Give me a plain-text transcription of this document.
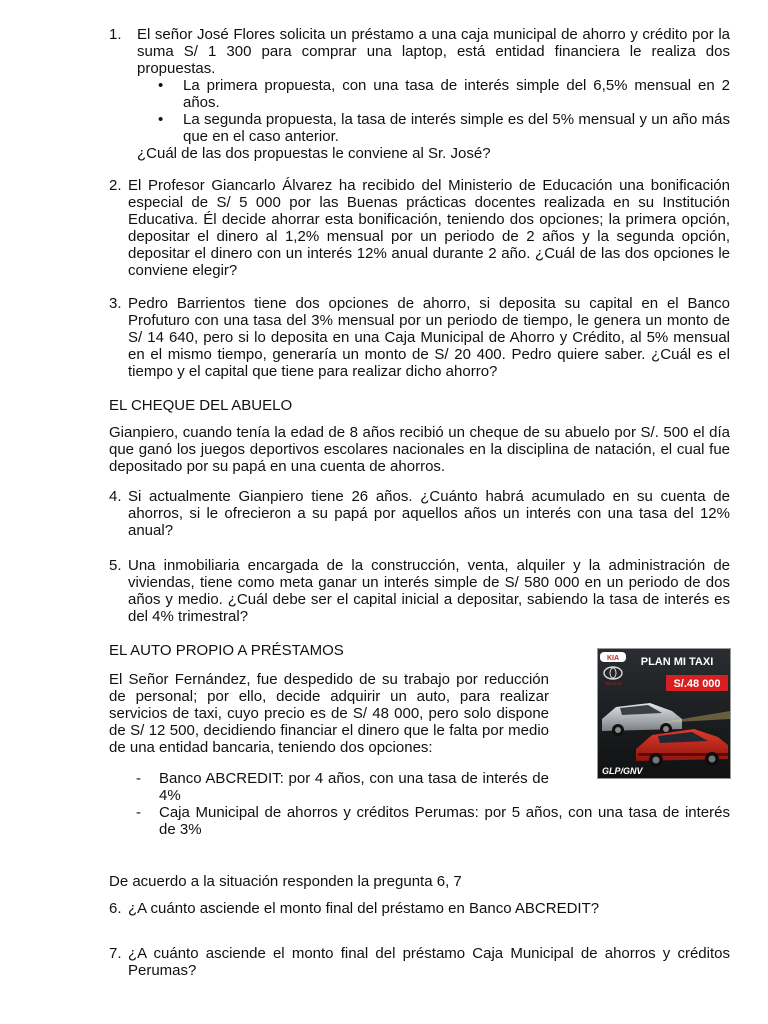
1. El señor José Flores solicita un préstamo a una caja municipal de ahorro y crédito por la suma S/ 1 300 para comprar una laptop, está entidad financiera le realiza dos propuestas.
• La primera propuesta, con una tasa de interés simple del 6,5% mensual en 2 años.
• La segunda propuesta, la tasa de interés simple es del 5% mensual y un año más que en el caso anterior.
¿Cuál de las dos propuestas le conviene al Sr. José?
2. El Profesor Giancarlo Álvarez ha recibido del Ministerio de Educación una bonificación especial de S/ 5 000 por las Buenas prácticas docentes realizada en su Institución Educativa. Él decide ahorrar esta bonificación, teniendo dos opciones; la primera opción, depositar el dinero al 1,2% mensual por un periodo de 2 años y la segunda opción, depositar el dinero con un interés 12% anual durante 2 año. ¿Cuál de las dos opciones le conviene elegir?
3. Pedro Barrientos tiene dos opciones de ahorro, si deposita su capital en el Banco Profuturo con una tasa del 3% mensual por un periodo de tiempo, le genera un monto de S/ 14 640, pero si lo deposita en una Caja Municipal de Ahorro y Crédito, al 5% mensual en el mismo tiempo, generaría un monto de S/ 20 400. Pedro quiere saber. ¿Cuál es el tiempo y el capital que tiene para realizar dicho ahorro?
EL CHEQUE DEL ABUELO
Gianpiero, cuando tenía la edad de 8 años recibió un cheque de su abuelo por S/. 500 el día que ganó los juegos deportivos escolares nacionales en la disciplina de natación, el cual fue depositado por su papá en una cuenta de ahorros.
4. Si actualmente Gianpiero tiene 26 años. ¿Cuánto habrá acumulado en su cuenta de ahorros, si le ofrecieron a su papá por aquellos años un interés con una tasa del 12% anual?
5. Una inmobiliaria encargada de la construcción, venta, alquiler y la administración de viviendas, tiene como meta ganar un interés simple de S/ 580 000 en un periodo de dos años y medio. ¿Cuál debe ser el capital inicial a depositar, sabiendo la tasa de interés es del 4% trimestral?
EL AUTO PROPIO A PRÉSTAMOS
El Señor Fernández, fue despedido de su trabajo por reducción de personal; por ello, decide adquirir un auto, para realizar servicios de taxi, cuyo precio es de S/ 48 000, pero solo dispone de S/ 12 500, decidiendo financiar el dinero que le falta por medio de una entidad bancaria, teniendo dos opciones:
- Banco ABCREDIT: por 4 años, con una tasa de interés de 4%
- Caja Municipal de ahorros y créditos Perumas: por 5 años, con una tasa de interés de 3%
De acuerdo a la situación responden la pregunta 6, 7
6. ¿A cuánto asciende el monto final del préstamo en Banco ABCREDIT?
7. ¿A cuánto asciende el monto final del préstamo Caja Municipal de ahorros y créditos Perumas?
KIA
TOYOTA
PLAN MI TAXI
S/.48 000
GLP/GNV
